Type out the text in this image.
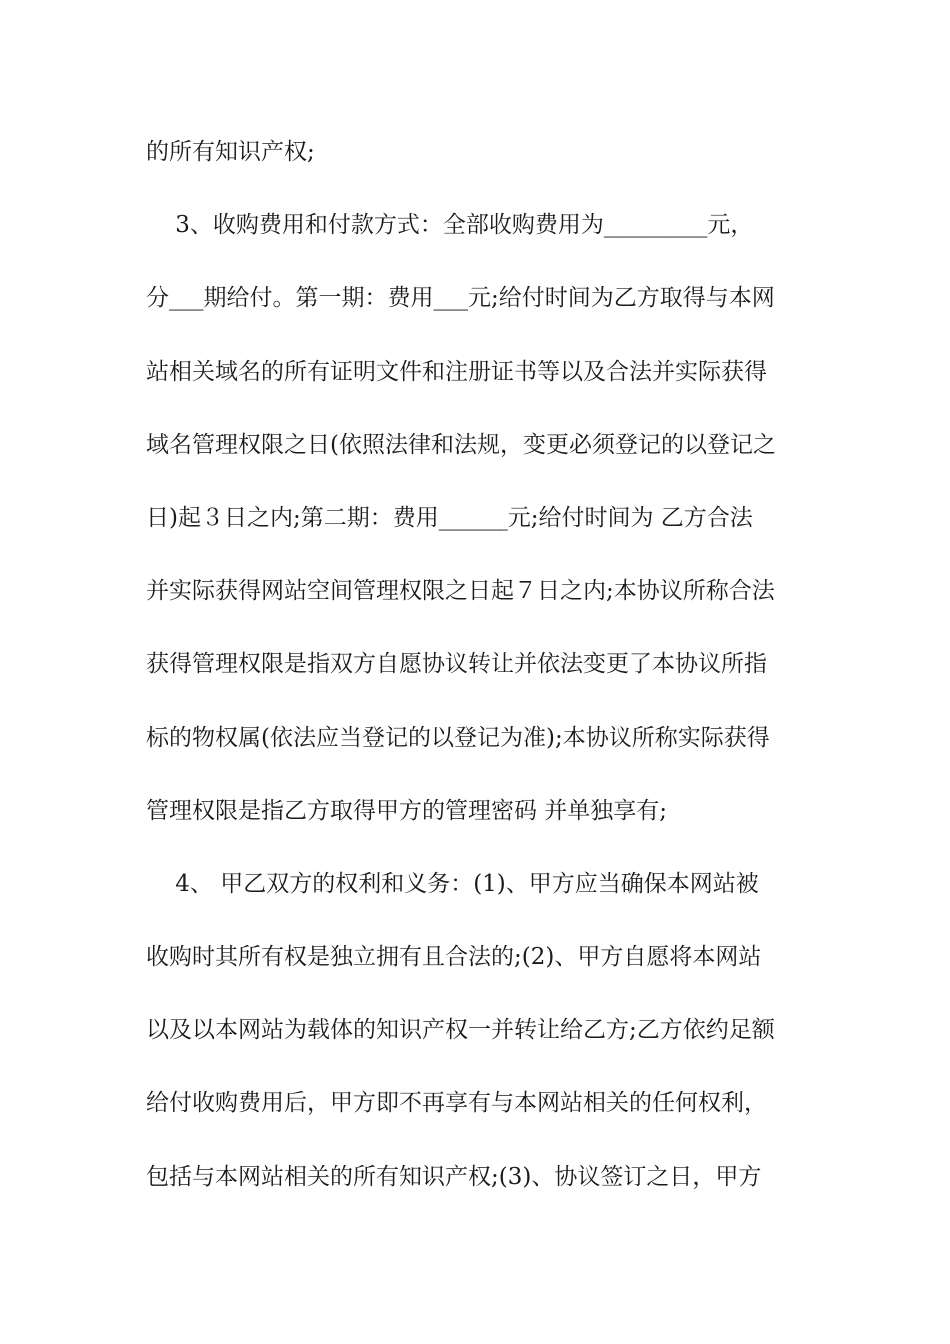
的所有知识产权;
3、收购费用和付款方式：全部收购费用为_________元，
分___期给付。第一期：费用___元;给付时间为乙方取得与本网
站相关域名的所有证明文件和注册证书等以及合法并实际获得
域名管理权限之日(依照法律和法规，变更必须登记的以登记之
日)起３日之内;第二期：费用______元;给付时间为 乙方合法
并实际获得网站空间管理权限之日起７日之内;本协议所称合法
获得管理权限是指双方自愿协议转让并依法变更了本协议所指
标的物权属(依法应当登记的以登记为准);本协议所称实际获得
管理权限是指乙方取得甲方的管理密码 并单独享有;
4、 甲乙双方的权利和义务：(1)、甲方应当确保本网站被
收购时其所有权是独立拥有且合法的;(2)、甲方自愿将本网站
以及以本网站为载体的知识产权一并转让给乙方;乙方依约足额
给付收购费用后，甲方即不再享有与本网站相关的任何权利，
包括与本网站相关的所有知识产权;(3)、协议签订之日，甲方
